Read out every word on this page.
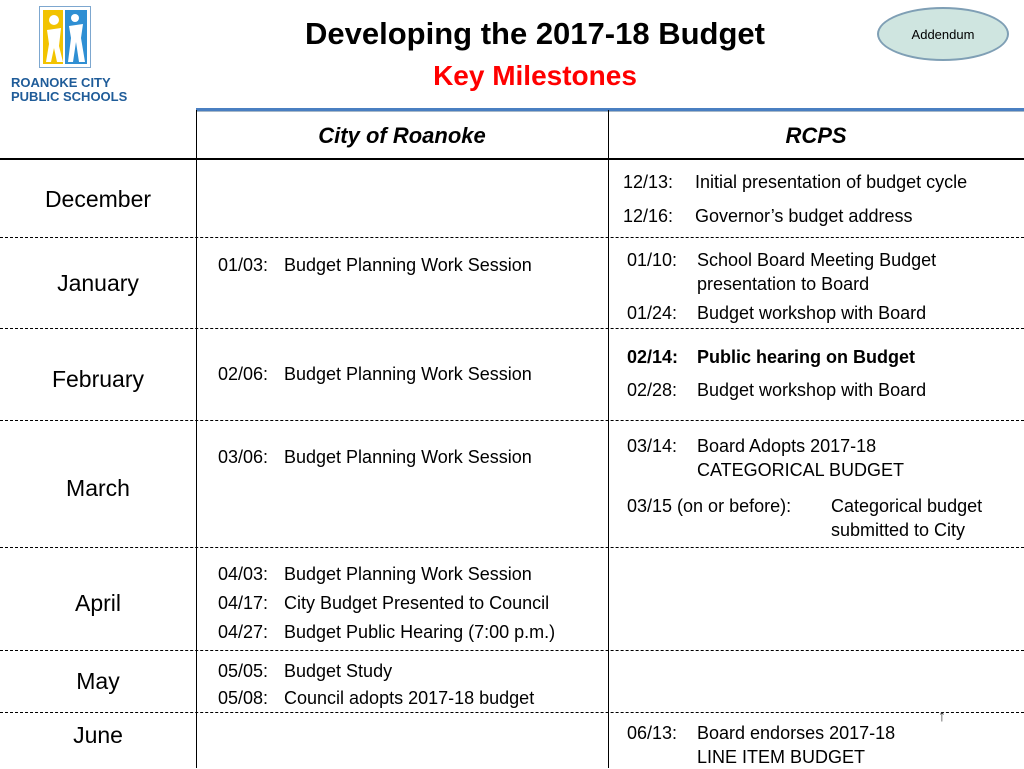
ROANOKE CITY
PUBLIC SCHOOLS
Developing the 2017-18 Budget
Key Milestones
Addendum
City of Roanoke	RCPS
December
January
February
March
April
May
June
12/13: Initial presentation of budget cycle
12/16: Governor’s budget address
01/10: School Board Meeting Budget
presentation to Board
01/24: Budget workshop with Board
02/14: Public hearing on Budget
02/28: Budget workshop with Board
03/14: Board Adopts 2017-18
CATEGORICAL BUDGET
03/15 (on or before): Categorical budget
submitted to City
06/13: Board endorses 2017-18
LINE ITEM BUDGET
01/03: Budget Planning Work Session
02/06: Budget Planning Work Session
03/06: Budget Planning Work Session
04/03: Budget Planning Work Session
04/17: City Budget Presented to Council
04/27: Budget Public Hearing (7:00 p.m.)
05/05: Budget Study
05/08: Council adopts 2017-18 budget
↑
